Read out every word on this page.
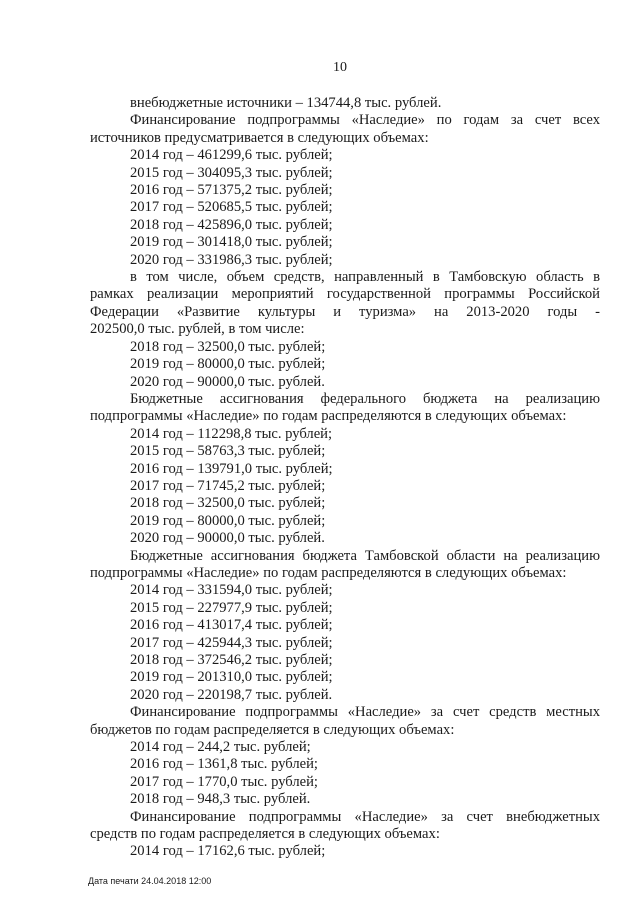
10
внебюджетные источники – 134744,8 тыс. рублей.
Финансирование подпрограммы «Наследие» по годам за счет всех
источников предусматривается в следующих объемах:
2014 год – 461299,6 тыс. рублей;
2015 год – 304095,3 тыс. рублей;
2016 год – 571375,2 тыс. рублей;
2017 год – 520685,5 тыс. рублей;
2018 год – 425896,0 тыс. рублей;
2019 год – 301418,0 тыс. рублей;
2020 год – 331986,3 тыс. рублей;
в том числе, объем средств, направленный в Тамбовскую область в
рамках реализации мероприятий государственной программы Российской
Федерации «Развитие культуры и туризма» на 2013-2020 годы -
202500,0 тыс. рублей, в том числе:
2018 год – 32500,0 тыс. рублей;
2019 год – 80000,0 тыс. рублей;
2020 год – 90000,0 тыс. рублей.
Бюджетные ассигнования федерального бюджета на реализацию
подпрограммы «Наследие» по годам распределяются в следующих объемах:
2014 год – 112298,8 тыс. рублей;
2015 год – 58763,3 тыс. рублей;
2016 год – 139791,0 тыс. рублей;
2017 год – 71745,2 тыс. рублей;
2018 год – 32500,0 тыс. рублей;
2019 год – 80000,0 тыс. рублей;
2020 год – 90000,0 тыс. рублей.
Бюджетные ассигнования бюджета Тамбовской области на реализацию
подпрограммы «Наследие» по годам распределяются в следующих объемах:
2014 год – 331594,0 тыс. рублей;
2015 год – 227977,9 тыс. рублей;
2016 год – 413017,4 тыс. рублей;
2017 год – 425944,3 тыс. рублей;
2018 год – 372546,2 тыс. рублей;
2019 год – 201310,0 тыс. рублей;
2020 год – 220198,7 тыс. рублей.
Финансирование подпрограммы «Наследие» за счет средств местных
бюджетов по годам распределяется в следующих объемах:
2014 год – 244,2 тыс. рублей;
2016 год – 1361,8 тыс. рублей;
2017 год – 1770,0 тыс. рублей;
2018 год – 948,3 тыс. рублей.
Финансирование подпрограммы «Наследие» за счет внебюджетных
средств по годам распределяется в следующих объемах:
2014 год – 17162,6 тыс. рублей;
Дата печати 24.04.2018 12:00
